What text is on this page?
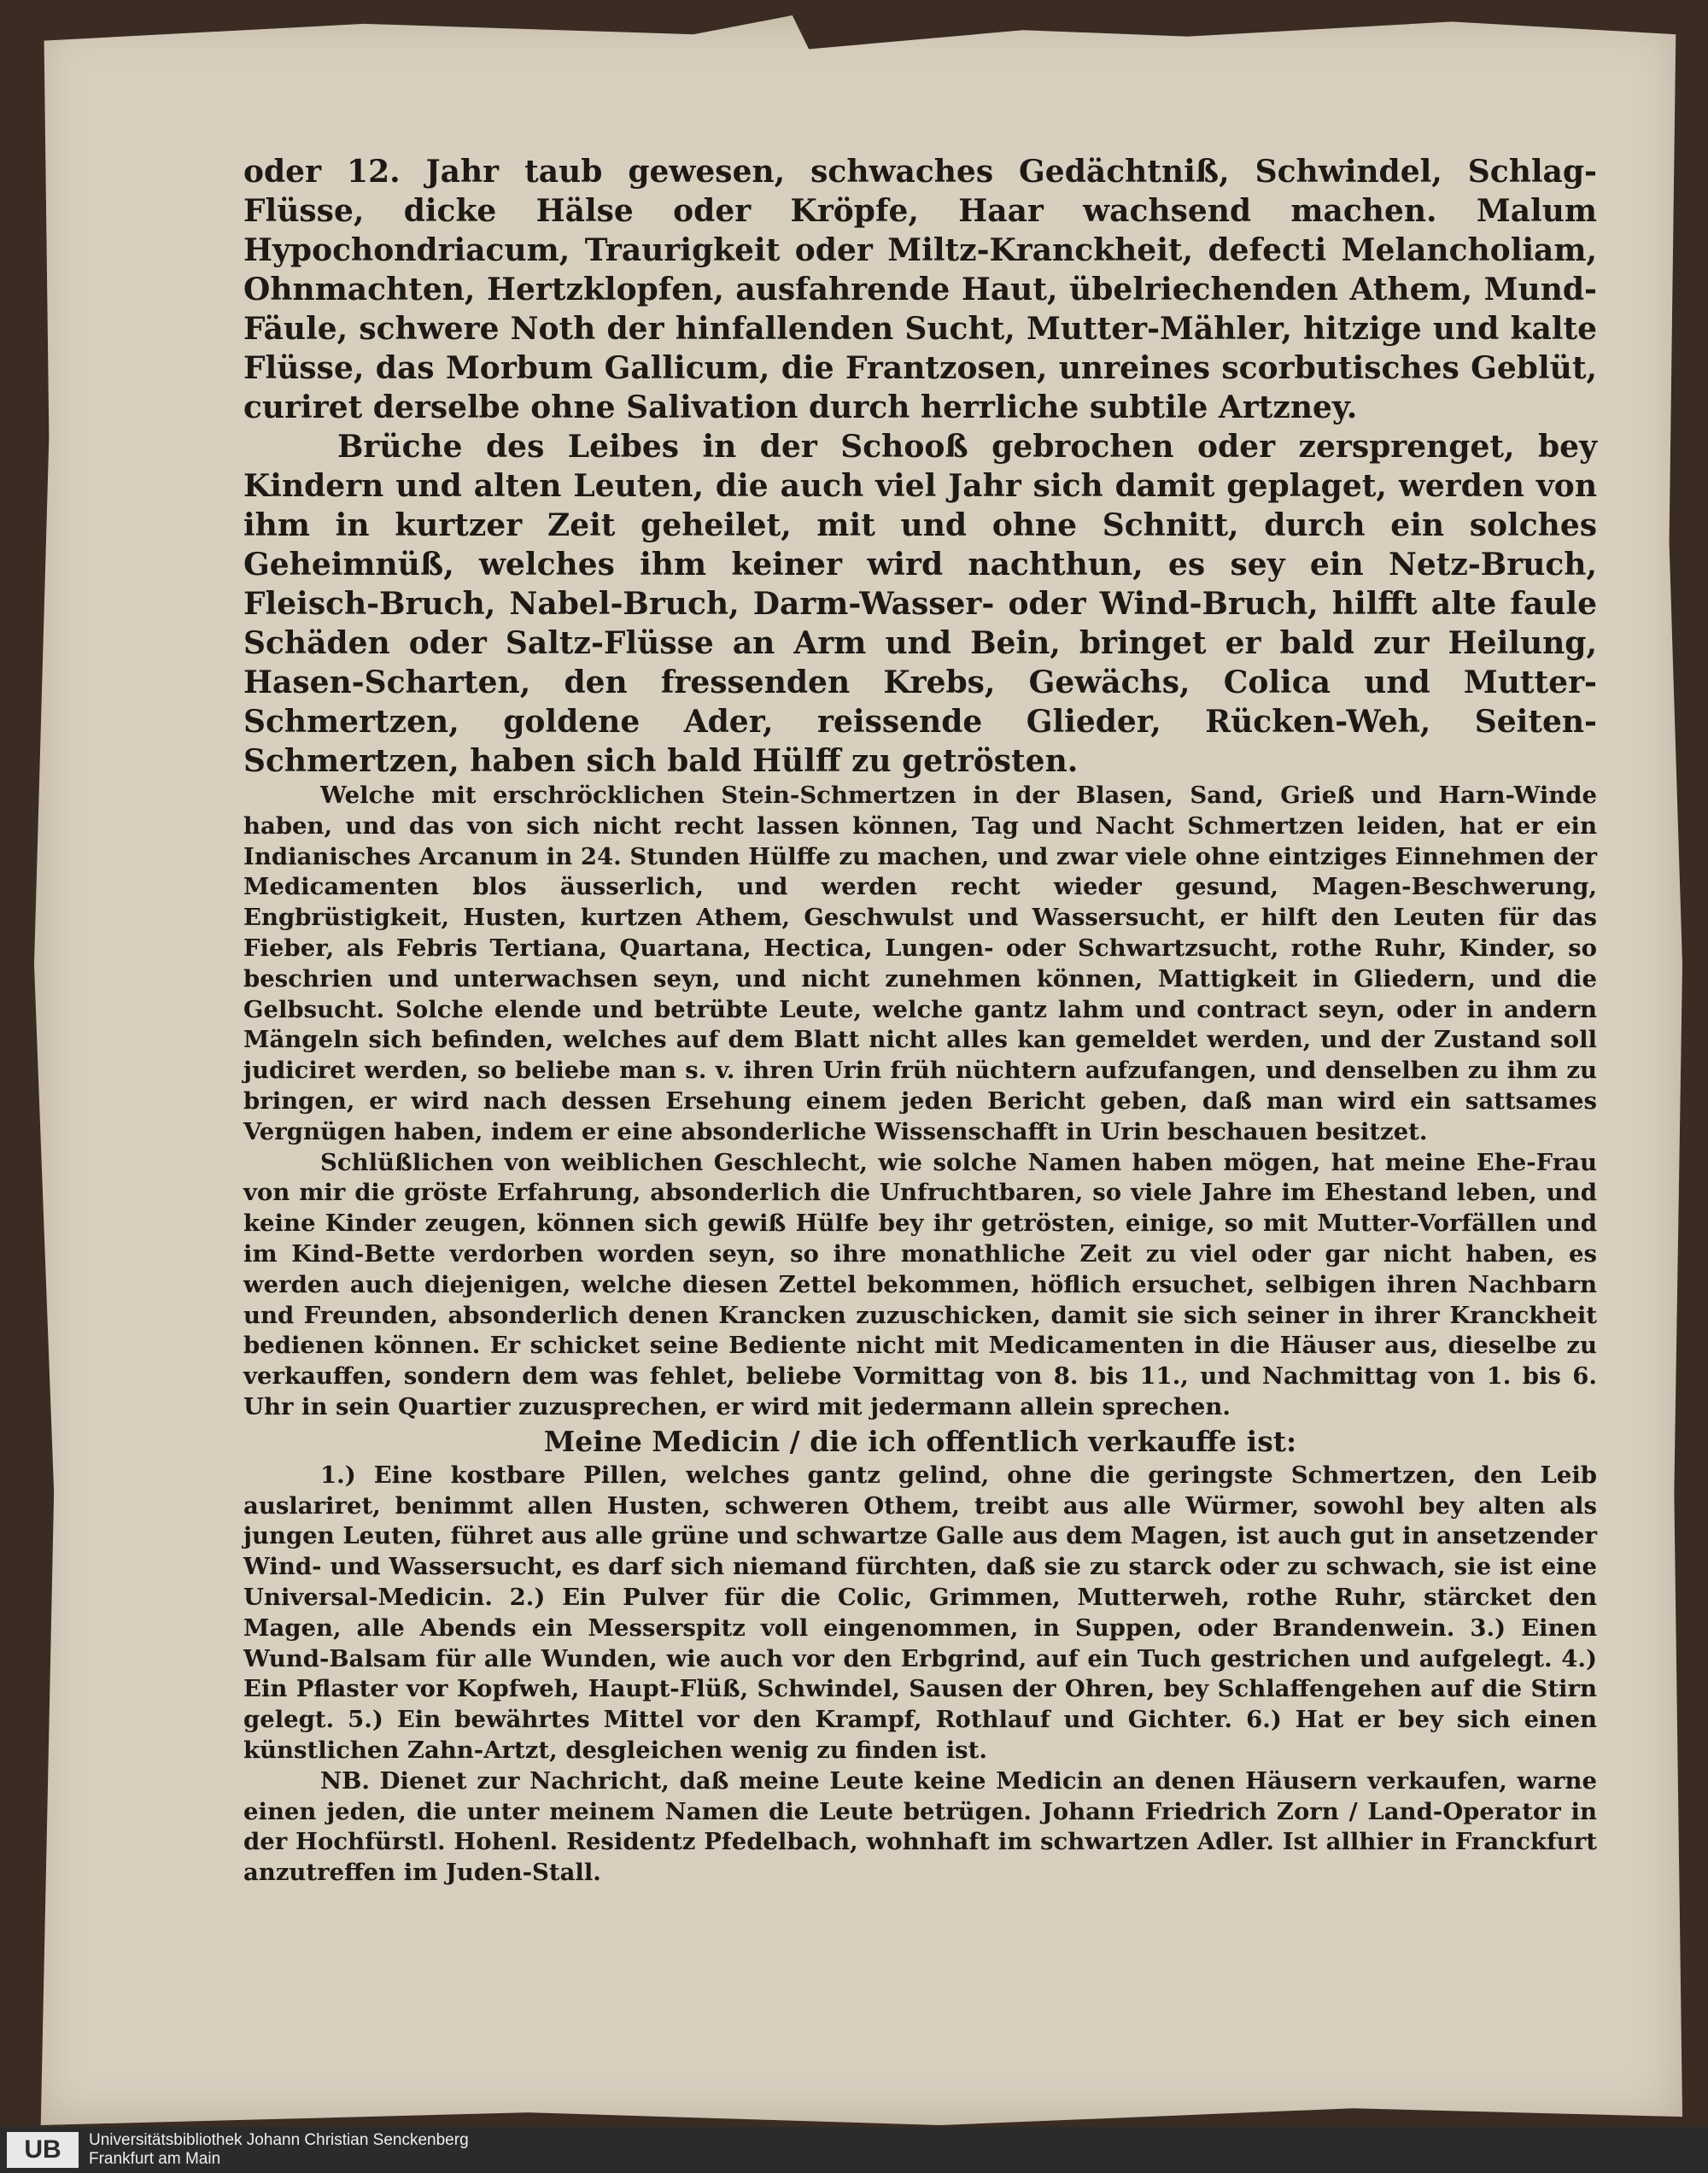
oder 12. Jahr taub gewesen, schwaches Gedächtniß, Schwindel, Schlag-Flüsse, dicke Hälse oder Kröpfe, Haar wachsend machen. Malum Hypochondriacum, Traurigkeit oder Miltz-Kranckheit, defecti Melancholiam, Ohnmachten, Hertzklopfen, ausfahrende Haut, übelriechenden Athem, Mund-Fäule, schwere Noth der hinfallenden Sucht, Mutter-Mähler, hitzige und kalte Flüsse, das Morbum Gallicum, die Frantzosen, unreines scorbutisches Geblüt, curiret derselbe ohne Salivation durch herrliche subtile Artzney.

Brüche des Leibes in der Schooß gebrochen oder zersprenget, bey Kindern und alten Leuten, die auch viel Jahr sich damit geplaget, werden von ihm in kurtzer Zeit geheilet, mit und ohne Schnitt, durch ein solches Geheimnüß, welches ihm keiner wird nachthun, es sey ein Netz-Bruch, Fleisch-Bruch, Nabel-Bruch, Darm-Wasser- oder Wind-Bruch, hilfft alte faule Schäden oder Saltz-Flüsse an Arm und Bein, bringet er bald zur Heilung, Hasen-Scharten, den fressenden Krebs, Gewächs, Colica und Mutter-Schmertzen, goldene Ader, reissende Glieder, Rücken-Weh, Seiten-Schmertzen, haben sich bald Hülff zu getrösten.

Welche mit erschröcklichen Stein-Schmertzen in der Blasen, Sand, Grieß und Harn-Winde haben, und das von sich nicht recht lassen können, Tag und Nacht Schmertzen leiden, hat er ein Indianisches Arcanum in 24. Stunden Hülffe zu machen, und zwar viele ohne eintziges Einnehmen der Medicamenten blos äusserlich, und werden recht wieder gesund, Magen-Beschwerung, Engbrüstigkeit, Husten, kurtzen Athem, Geschwulst und Wassersucht, er hilft den Leuten für das Fieber, als Febris Tertiana, Quartana, Hectica, Lungen- oder Schwartzsucht, rothe Ruhr, Kinder, so beschrien und unterwachsen seyn, und nicht zunehmen können, Mattigkeit in Gliedern, und die Gelbsucht. Solche elende und betrübte Leute, welche gantz lahm und contract seyn, oder in andern Mängeln sich befinden, welches auf dem Blatt nicht alles kan gemeldet werden, und der Zustand soll judiciret werden, so beliebe man s. v. ihren Urin früh nüchtern aufzufangen, und denselben zu ihm zu bringen, er wird nach dessen Ersehung einem jeden Bericht geben, daß man wird ein sattsames Vergnügen haben, indem er eine absonderliche Wissenschafft in Urin beschauen besitzet.

Schlüßlichen von weiblichen Geschlecht, wie solche Namen haben mögen, hat meine Ehe-Frau von mir die gröste Erfahrung, absonderlich die Unfruchtbaren, so viele Jahre im Ehestand leben, und keine Kinder zeugen, können sich gewiß Hülfe bey ihr getrösten, einige, so mit Mutter-Vorfällen und im Kind-Bette verdorben worden seyn, so ihre monathliche Zeit zu viel oder gar nicht haben, es werden auch diejenigen, welche diesen Zettel bekommen, höflich ersuchet, selbigen ihren Nachbarn und Freunden, absonderlich denen Krancken zuzuschicken, damit sie sich seiner in ihrer Kranckheit bedienen können. Er schicket seine Bediente nicht mit Medicamenten in die Häuser aus, dieselbe zu verkauffen, sondern dem was fehlet, beliebe Vormittag von 8. bis 11., und Nachmittag von 1. bis 6. Uhr in sein Quartier zuzusprechen, er wird mit jedermann allein sprechen.

Meine Medicin / die ich offentlich verkauffe ist:

1.) Eine kostbare Pillen, welches gantz gelind, ohne die geringste Schmertzen, den Leib auslariret, benimmt allen Husten, schweren Othem, treibt aus alle Würmer, sowohl bey alten als jungen Leuten, führet aus alle grüne und schwartze Galle aus dem Magen, ist auch gut in ansetzender Wind- und Wassersucht, es darf sich niemand fürchten, daß sie zu starck oder zu schwach, sie ist eine Universal-Medicin. 2.) Ein Pulver für die Colic, Grimmen, Mutterweh, rothe Ruhr, stärcket den Magen, alle Abends ein Messerspitz voll eingenommen, in Suppen, oder Brandenwein. 3.) Einen Wund-Balsam für alle Wunden, wie auch vor den Erbgrind, auf ein Tuch gestrichen und aufgelegt. 4.) Ein Pflaster vor Kopfweh, Haupt-Flüß, Schwindel, Sausen der Ohren, bey Schlaffengehen auf die Stirn gelegt. 5.) Ein bewährtes Mittel vor den Krampf, Rothlauf und Gichter. 6.) Hat er bey sich einen künstlichen Zahn-Artzt, desgleichen wenig zu finden ist.

NB. Dienet zur Nachricht, daß meine Leute keine Medicin an denen Häusern verkaufen, warne einen jeden, die unter meinem Namen die Leute betrügen. Johann Friedrich Zorn / Land-Operator in der Hochfürstl. Hohenl. Residentz Pfedelbach, wohnhaft im schwartzen Adler. Ist allhier in Franckfurt anzutreffen im Juden-Stall.

UB	Universitätsbibliothek Johann Christian Senckenberg
Frankfurt am Main
